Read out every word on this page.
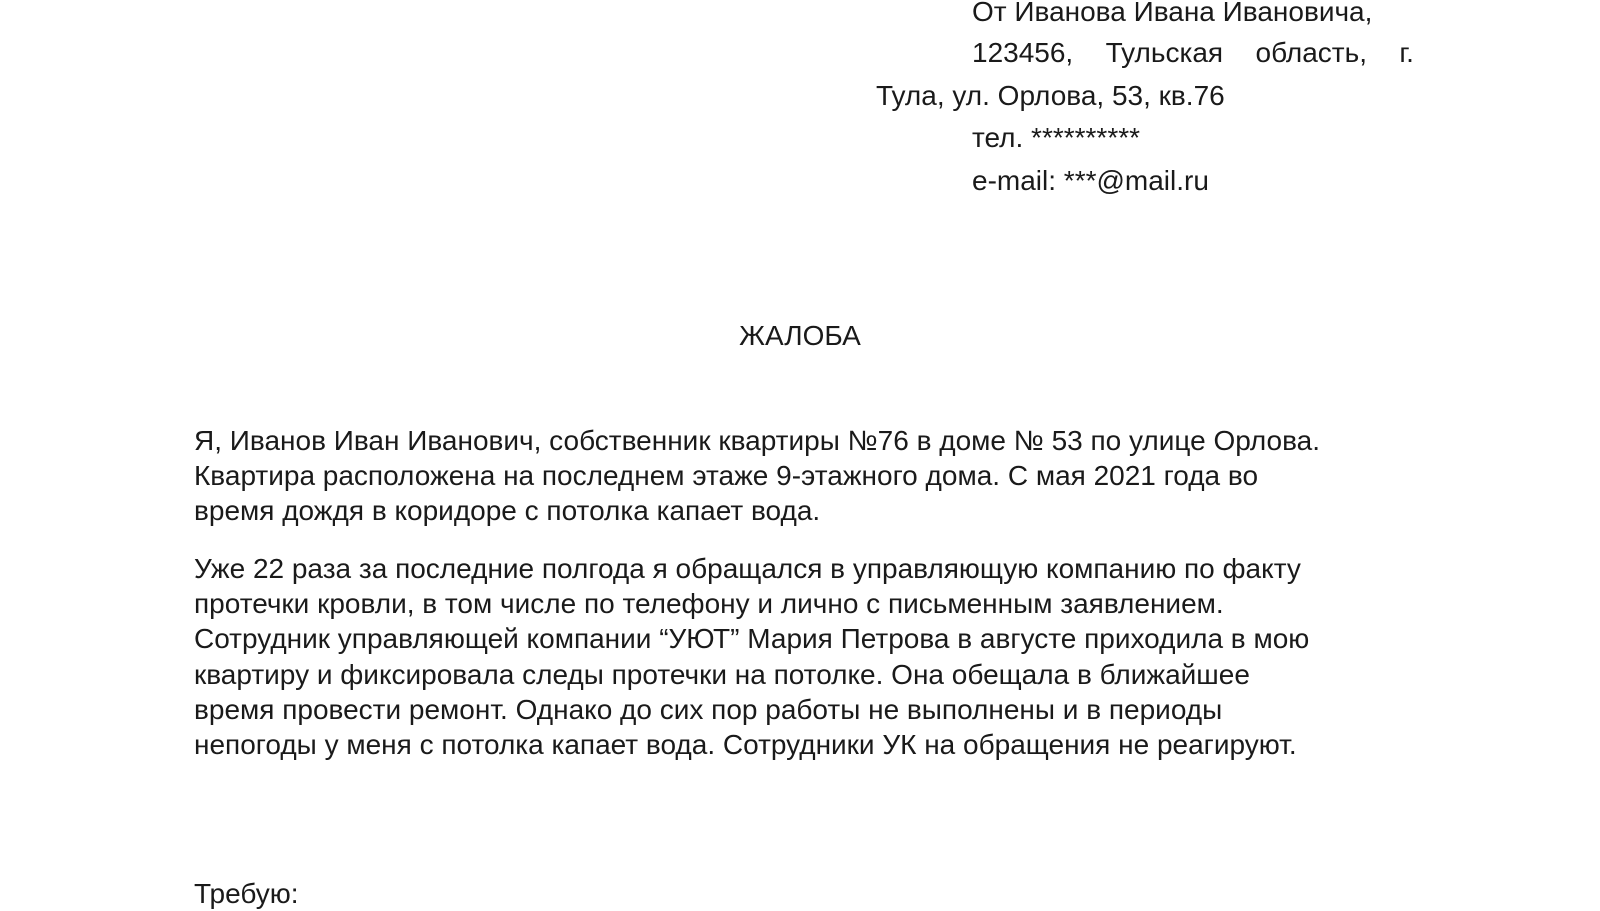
От Иванова Ивана Ивановича,

123456, Тульская область, г.

Тула, ул. Орлова, 53, кв.76

тел. **********

e-mail: ***@mail.ru

ЖАЛОБА

Я, Иванов Иван Иванович, собственник квартиры №76 в доме № 53 по улице Орлова.

Квартира расположена на последнем этаже 9-этажного дома. С мая 2021 года во

время дождя в коридоре с потолка капает вода.

Уже 22 раза за последние полгода я обращался в управляющую компанию по факту

протечки кровли, в том числе по телефону и лично с письменным заявлением.

Сотрудник управляющей компании “УЮТ” Мария Петрова в августе приходила в мою

квартиру и фиксировала следы протечки на потолке. Она обещала в ближайшее

время провести ремонт. Однако до сих пор работы не выполнены и в периоды

непогоды у меня с потолка капает вода. Сотрудники УК на обращения не реагируют.

Требую:
